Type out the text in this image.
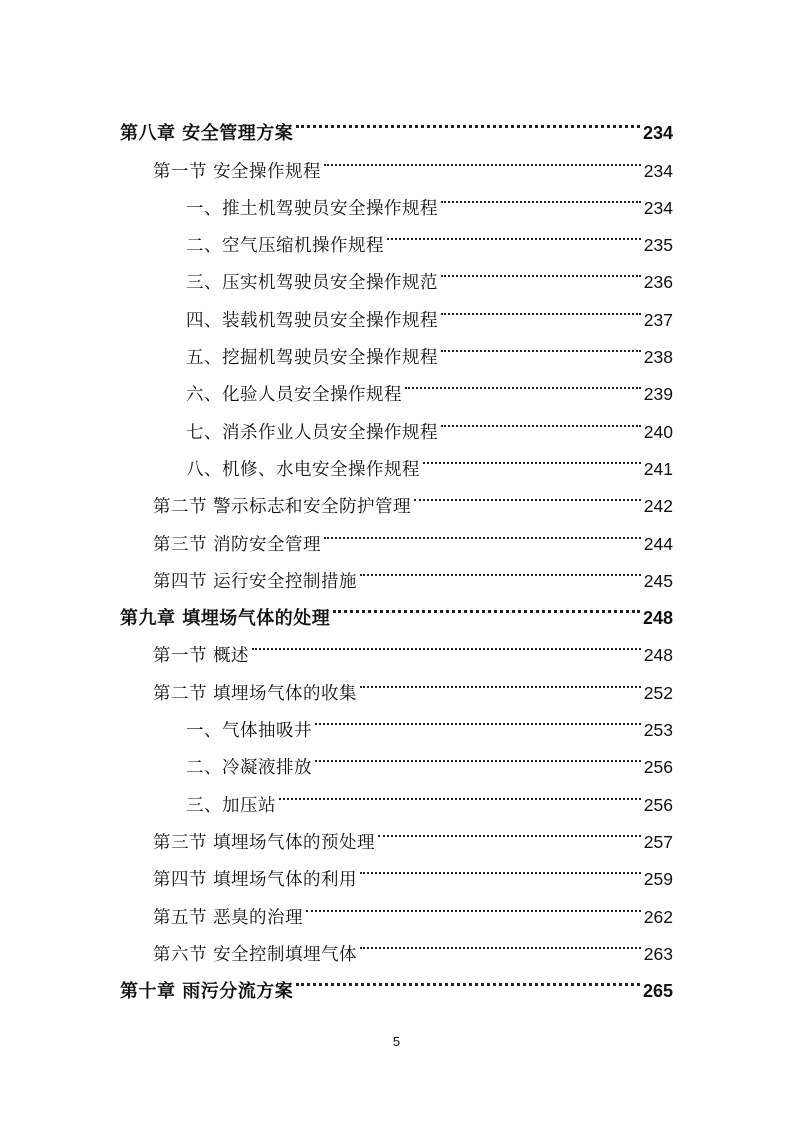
第八章 安全管理方案	234
第一节 安全操作规程	234
一、推土机驾驶员安全操作规程	234
二、空气压缩机操作规程	235
三、压实机驾驶员安全操作规范	236
四、装载机驾驶员安全操作规程	237
五、挖掘机驾驶员安全操作规程	238
六、化验人员安全操作规程	239
七、消杀作业人员安全操作规程	240
八、机修、水电安全操作规程	241
第二节 警示标志和安全防护管理	242
第三节 消防安全管理	244
第四节 运行安全控制措施	245
第九章 填埋场气体的处理	248
第一节 概述	248
第二节 填埋场气体的收集	252
一、气体抽吸井	253
二、冷凝液排放	256
三、加压站	256
第三节 填埋场气体的预处理	257
第四节 填埋场气体的利用	259
第五节 恶臭的治理	262
第六节 安全控制填埋气体	263
第十章 雨污分流方案	265
5
